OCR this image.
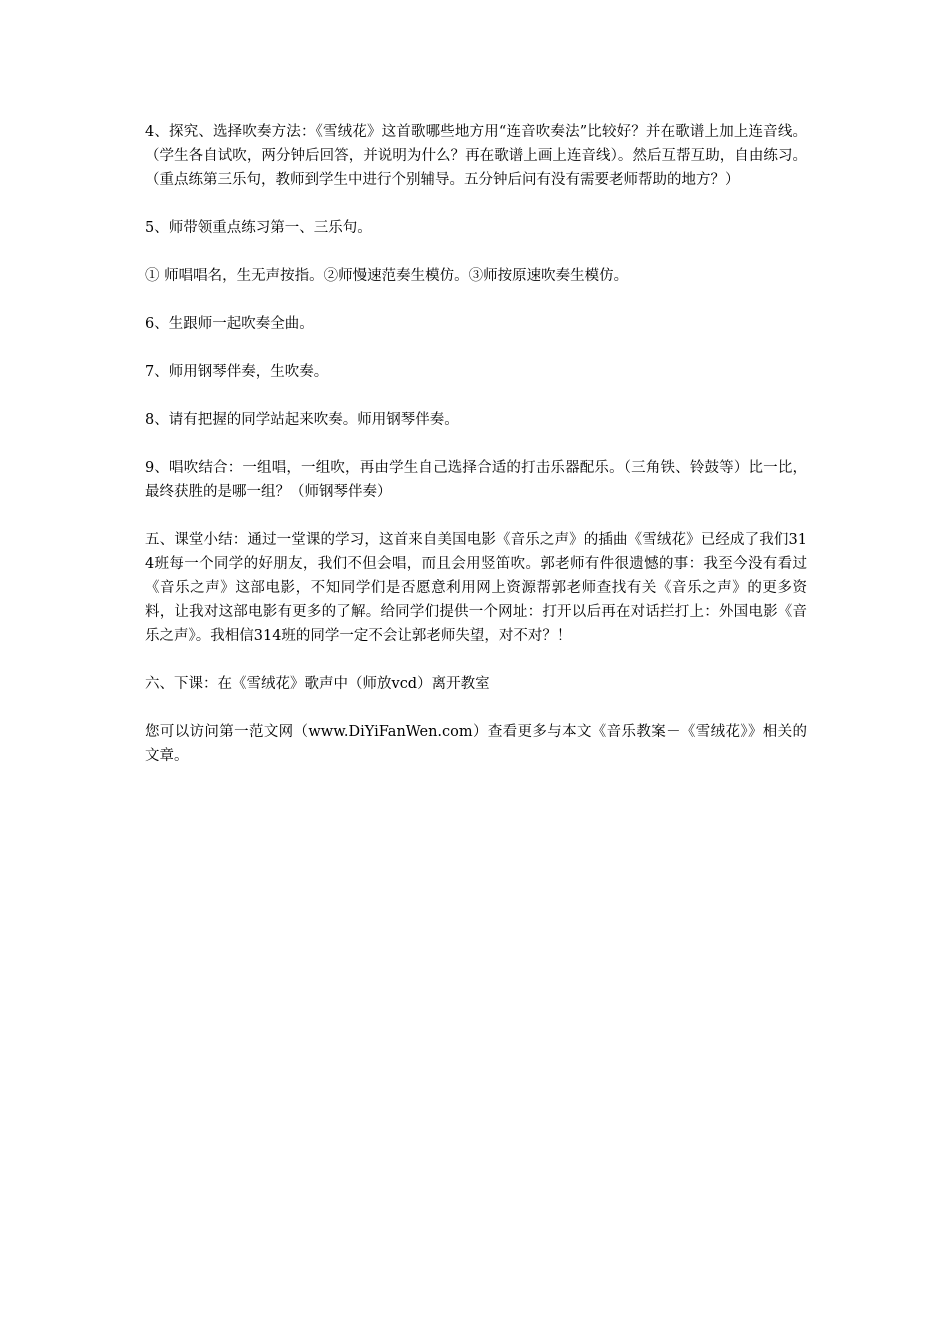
4、探究、选择吹奏方法：《雪绒花》这首歌哪些地方用“连音吹奏法”比较好？并在歌谱上加上连音线。（学生各自试吹，两分钟后回答，并说明为什么？再在歌谱上画上连音线）。然后互帮互助，自由练习。（重点练第三乐句，教师到学生中进行个别辅导。五分钟后问有没有需要老师帮助的地方？）

5、师带领重点练习第一、三乐句。

① 师唱唱名，生无声按指。②师慢速范奏生模仿。③师按原速吹奏生模仿。

6、生跟师一起吹奏全曲。

7、师用钢琴伴奏，生吹奏。

8、请有把握的同学站起来吹奏。师用钢琴伴奏。

9、唱吹结合：一组唱，一组吹，再由学生自己选择合适的打击乐器配乐。（三角铁、铃鼓等）比一比，最终获胜的是哪一组？（师钢琴伴奏）

五、课堂小结：通过一堂课的学习，这首来自美国电影《音乐之声》的插曲《雪绒花》已经成了我们314班每一个同学的好朋友，我们不但会唱，而且会用竖笛吹。郭老师有件很遗憾的事：我至今没有看过《音乐之声》这部电影，不知同学们是否愿意利用网上资源帮郭老师查找有关《音乐之声》的更多资料，让我对这部电影有更多的了解。给同学们提供一个网址：打开以后再在对话拦打上：外国电影《音乐之声》。我相信314班的同学一定不会让郭老师失望，对不对？！

六、下课：在《雪绒花》歌声中（师放vcd）离开教室

您可以访问第一范文网（www.DiYiFanWen.com）查看更多与本文《音乐教案－《雪绒花》》相关的文章。
